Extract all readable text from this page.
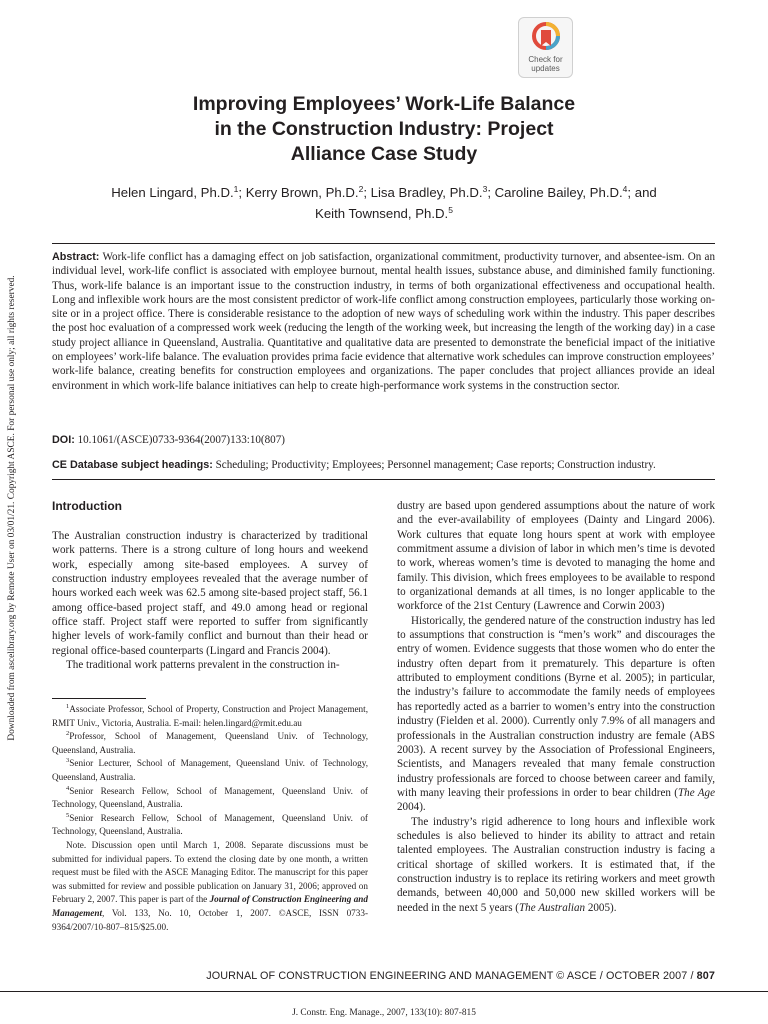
Downloaded from ascelibrary.org by Remote User on 03/01/21. Copyright ASCE. For personal use only; all rights reserved.
Check for
updates
Improving Employees’ Work-Life Balance
in the Construction Industry: Project
Alliance Case Study
Helen Lingard, Ph.D.$^1$; Kerry Brown, Ph.D.$^2$; Lisa Bradley, Ph.D.$^3$; Caroline Bailey, Ph.D.$^4$; and
Keith Townsend, Ph.D.$^5$
Abstract: Work-life conflict has a damaging effect on job satisfaction, organizational commitment, productivity turnover, and absentee-ism. On an individual level, work-life conflict is associated with employee burnout, mental health issues, substance abuse, and diminished family functioning. Thus, work-life balance is an important issue to the construction industry, in terms of both organizational effectiveness and occupational health. Long and inflexible work hours are the most consistent predictor of work-life conflict among construction employees, particularly those working on-site or in a project office. There is considerable resistance to the adoption of new ways of scheduling work within the industry. This paper describes the post hoc evaluation of a compressed work week (reducing the length of the working week, but increasing the length of the working day) in a case study project alliance in Queensland, Australia. Quantitative and qualitative data are presented to demonstrate the beneficial impact of the initiative on employees’ work-life balance. The evaluation provides prima facie evidence that alternative work schedules can improve construction employees’ work-life balance, creating benefits for construction employees and organizations. The paper concludes that project alliances provide an ideal environment in which work-life balance initiatives can help to create high-performance work systems in the construction sector.
DOI: 10.1061/(ASCE)0733-9364(2007)133:10(807)
CE Database subject headings: Scheduling; Productivity; Employees; Personnel management; Case reports; Construction industry.
Introduction

The Australian construction industry is characterized by traditional work patterns. There is a strong culture of long hours and weekend work, especially among site-based employees. A survey of construction industry employees revealed that the average number of hours worked each week was 62.5 among site-based project staff, 56.1 among office-based project staff, and 49.0 among head or regional office staff. Project staff were reported to suffer from significantly higher levels of work-family conflict and burnout than their head or regional office-based counterparts (Lingard and Francis 2004).

The traditional work patterns prevalent in the construction in-

$^1$Associate Professor, School of Property, Construction and Project Management, RMIT Univ., Victoria, Australia. E-mail: helen.lingard@rmit.edu.au

$^2$Professor, School of Management, Queensland Univ. of Technology, Queensland, Australia.

$^3$Senior Lecturer, School of Management, Queensland Univ. of Technology, Queensland, Australia.

$^4$Senior Research Fellow, School of Management, Queensland Univ. of Technology, Queensland, Australia.

$^5$Senior Research Fellow, School of Management, Queensland Univ. of Technology, Queensland, Australia.

Note. Discussion open until March 1, 2008. Separate discussions must be submitted for individual papers. To extend the closing date by one month, a written request must be filed with the ASCE Managing Editor. The manuscript for this paper was submitted for review and possible publication on January 31, 2006; approved on February 2, 2007. This paper is part of the Journal of Construction Engineering and Management, Vol. 133, No. 10, October 1, 2007. ©ASCE, ISSN 0733-9364/2007/10-807–815/$25.00.

dustry are based upon gendered assumptions about the nature of work and the ever-availability of employees (Dainty and Lingard 2006). Work cultures that equate long hours spent at work with employee commitment assume a division of labor in which men’s time is devoted to work, whereas women’s time is devoted to managing the home and family. This division, which frees employees to be available to respond to organizational demands at all times, is no longer applicable to the workforce of the 21st Century (Lawrence and Corwin 2003)

Historically, the gendered nature of the construction industry has led to assumptions that construction is “men’s work” and discourages the entry of women. Evidence suggests that those women who do enter the industry often depart from it prematurely. This departure is often attributed to employment conditions (Byrne et al. 2005); in particular, the industry’s failure to accommodate the family needs of employees has reportedly acted as a barrier to women’s entry into the construction industry (Fielden et al. 2000). Currently only 7.9% of all managers and professionals in the Australian construction industry are female (ABS 2003). A recent survey by the Association of Professional Engineers, Scientists, and Managers revealed that many female construction industry professionals are forced to choose between career and family, with many leaving their professions in order to bear children (The Age 2004).

The industry’s rigid adherence to long hours and inflexible work schedules is also believed to hinder its ability to attract and retain talented employees. The Australian construction industry is facing a critical shortage of skilled workers. It is estimated that, if the construction industry is to replace its retiring workers and meet growth demands, between 40,000 and 50,000 new skilled workers will be needed in the next 5 years (The Australian 2005).

JOURNAL OF CONSTRUCTION ENGINEERING AND MANAGEMENT © ASCE / OCTOBER 2007 / 807
J. Constr. Eng. Manage., 2007, 133(10): 807-815
